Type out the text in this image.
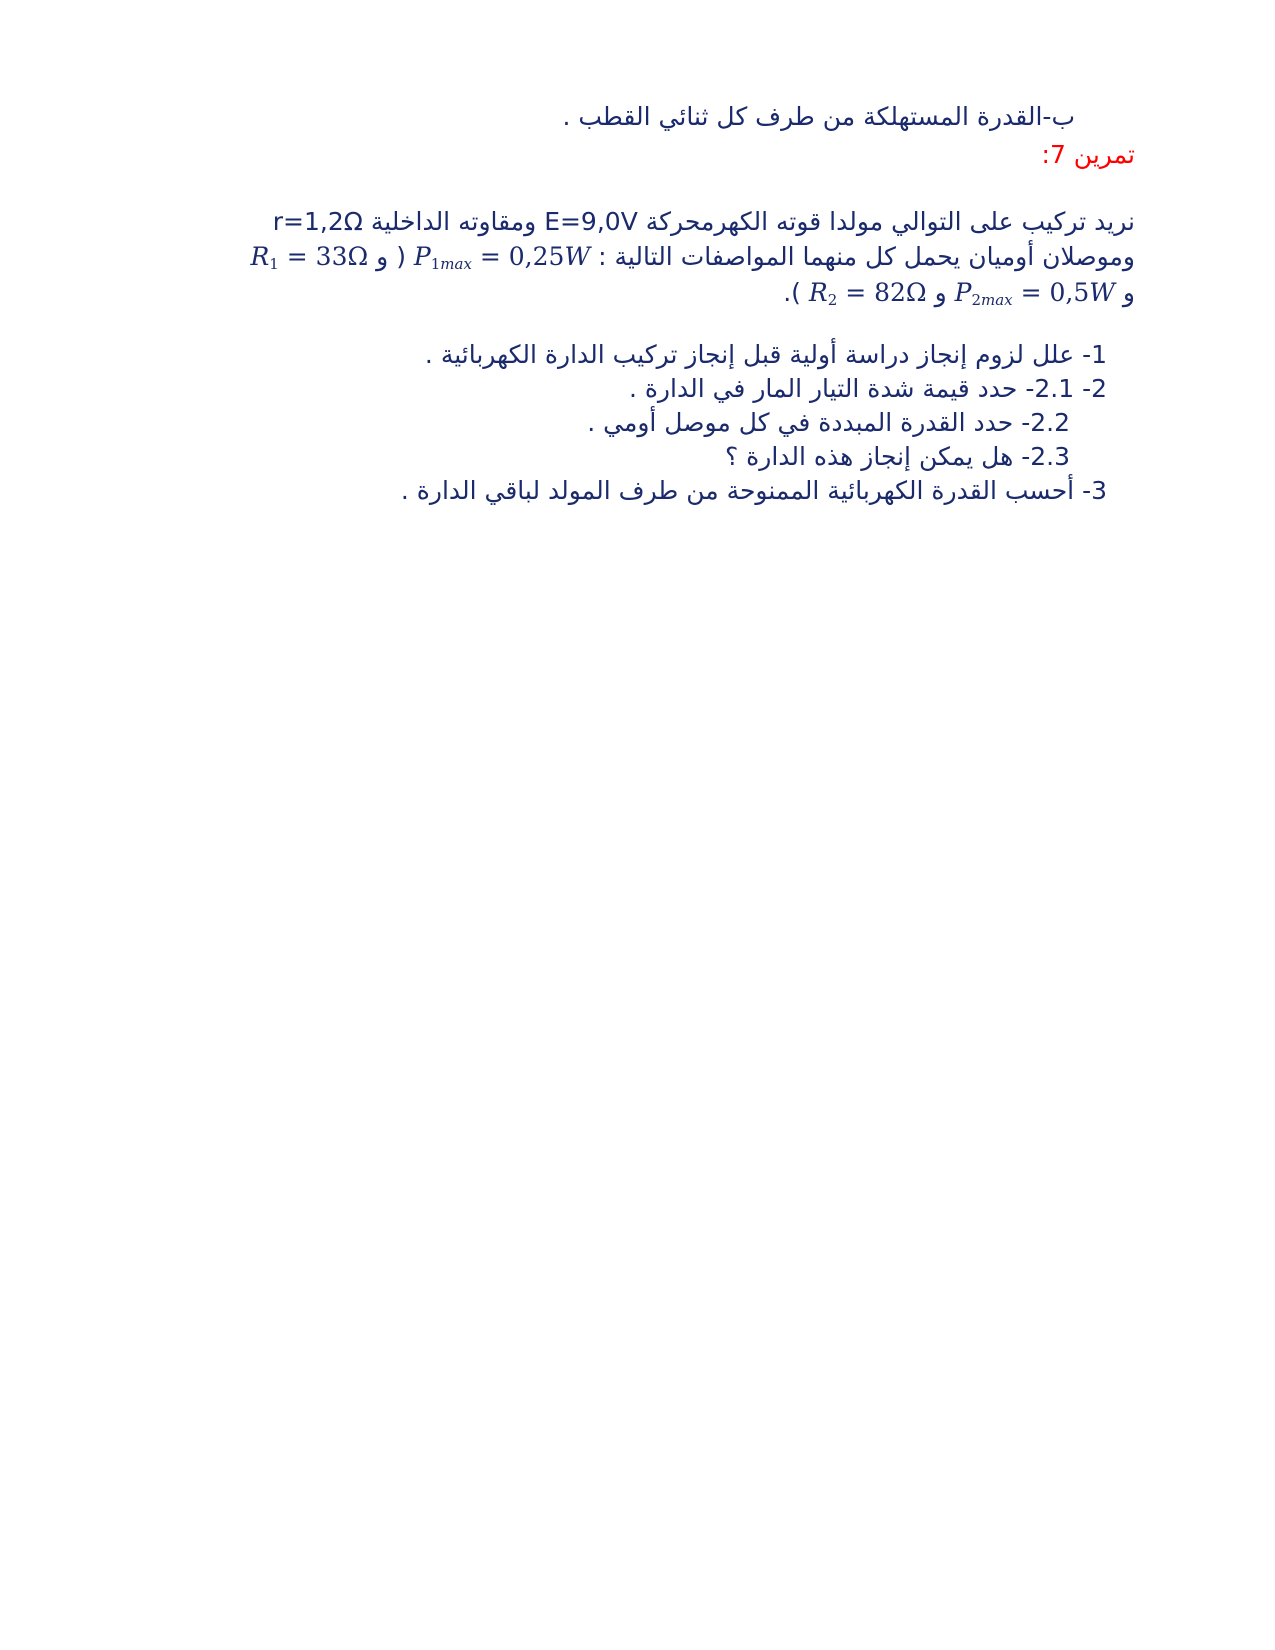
ب-القدرة المستهلكة من طرف كل ثنائي القطب .
تمرين 7:
نريد تركيب على التوالي مولدا قوته الكهرمحركة E=9,0V ومقاوته الداخلية r=1,2Ω
وموصلان أوميان يحمل كل منهما المواصفات التالية : $P_{1max} = 0,25W$ ( و $R_1 = 33\Omega$
و $P_{2max} = 0,5W$ و $R_2 = 82\Omega$ ).
1- علل لزوم إنجاز دراسة أولية قبل إنجاز تركيب الدارة الكهربائية .
2- 2.1- حدد قيمة شدة التيار المار في الدارة .
2.2- حدد القدرة المبددة في كل موصل أومي .
2.3- هل يمكن إنجاز هذه الدارة ؟
3- أحسب القدرة الكهربائية الممنوحة من طرف المولد لباقي الدارة .
